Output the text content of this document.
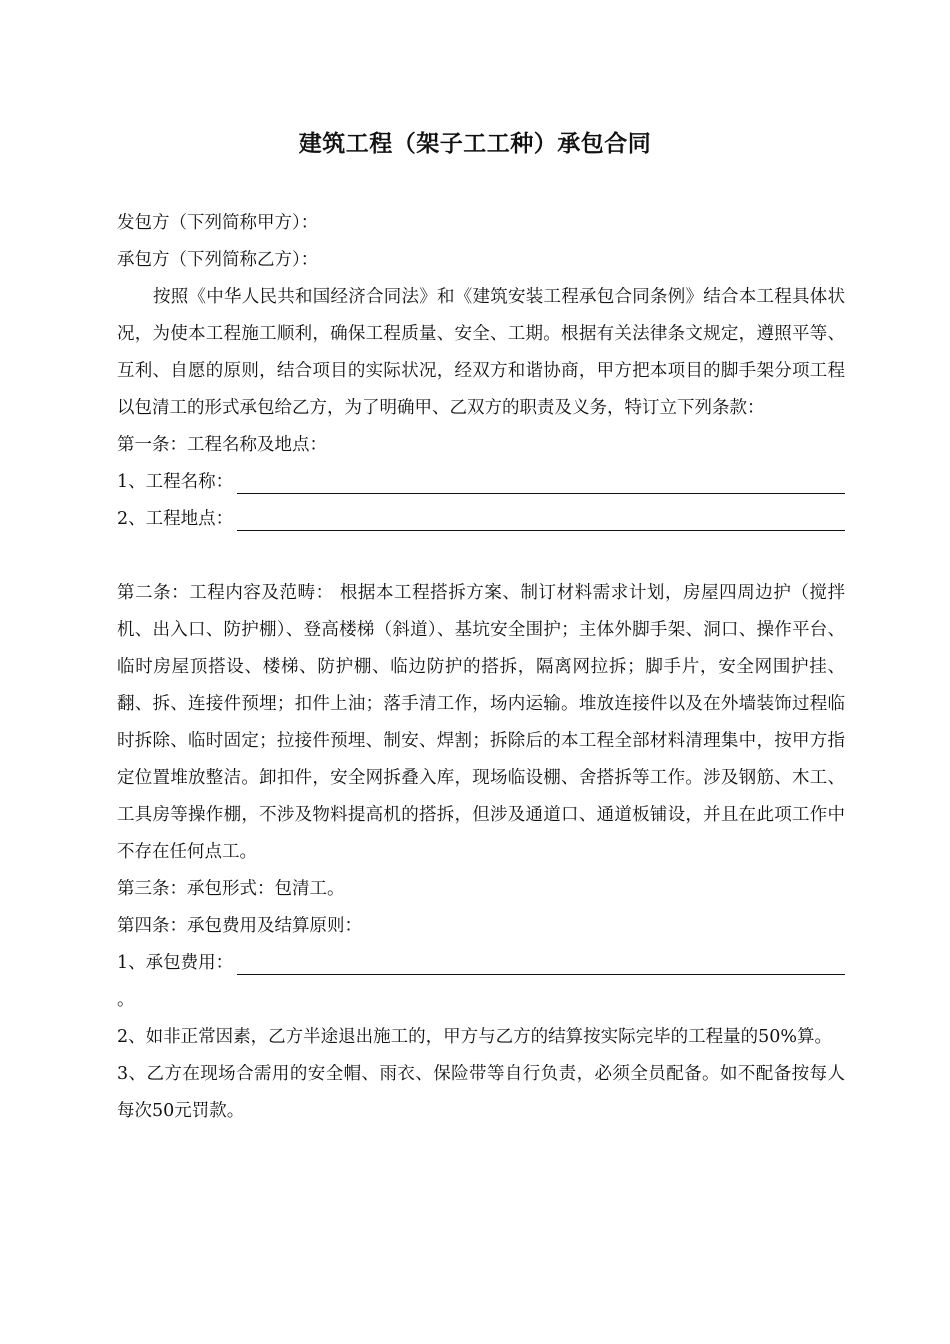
建筑工程（架子工工种）承包合同

发包方（下列简称甲方）：

承包方（下列简称乙方）：

按照《中华人民共和国经济合同法》和《建筑安装工程承包合同条例》结合本工程具体状况，为使本工程施工顺利，确保工程质量、安全、工期。根据有关法律条文规定，遵照平等、互利、自愿的原则，结合项目的实际状况，经双方和谐协商，甲方把本项目的脚手架分项工程以包清工的形式承包给乙方，为了明确甲、乙双方的职责及义务，特订立下列条款：

第一条：工程名称及地点：

1、工程名称：
2、工程地点：

第二条：工程内容及范畴： 根据本工程搭拆方案、制订材料需求计划，房屋四周边护（搅拌机、出入口、防护棚）、登高楼梯（斜道）、基坑安全围护；主体外脚手架、洞口、操作平台、临时房屋顶搭设、楼梯、防护棚、临边防护的搭拆，隔离网拉拆；脚手片，安全网围护挂、翻、拆、连接件预埋；扣件上油；落手清工作，场内运输。堆放连接件以及在外墙装饰过程临时拆除、临时固定；拉接件预埋、制安、焊割；拆除后的本工程全部材料清理集中，按甲方指定位置堆放整洁。卸扣件，安全网拆叠入库，现场临设棚、舍搭拆等工作。涉及钢筋、木工、工具房等操作棚，不涉及物料提高机的搭拆，但涉及通道口、通道板铺设，并且在此项工作中不存在任何点工。

第三条：承包形式：包清工。

第四条：承包费用及结算原则：

1、承包费用：

。

2、如非正常因素，乙方半途退出施工的，甲方与乙方的结算按实际完毕的工程量的50%算。

3、乙方在现场合需用的安全帽、雨衣、保险带等自行负责，必须全员配备。如不配备按每人每次50元罚款。
